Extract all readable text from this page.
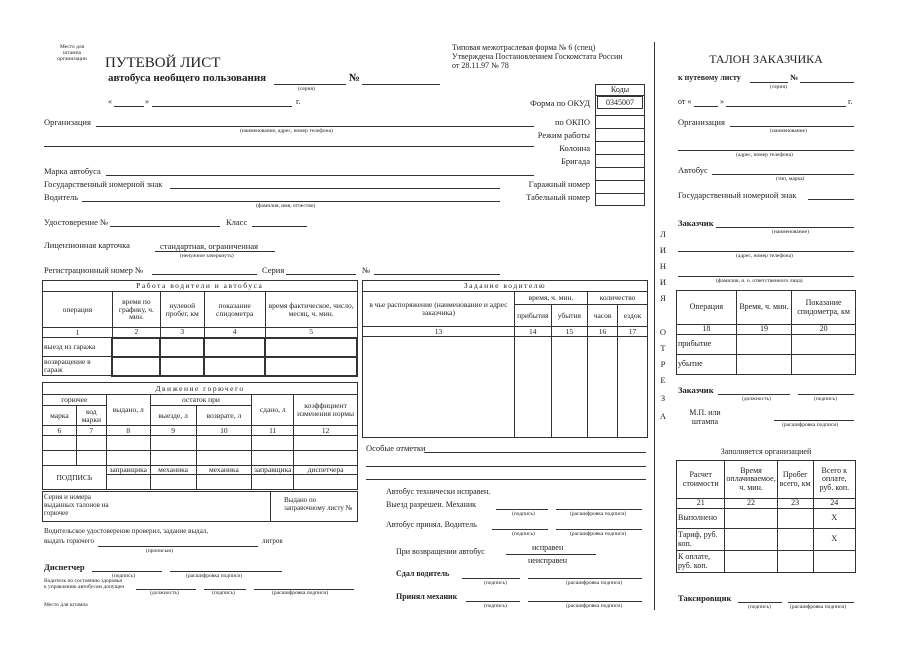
Место для штампа организации	ПУТЕВОЙ ЛИСТ
автобуса необщего пользования	№
(серия)
«	»	г.
Типовая межотраслевая форма № 6 (спец)
Утверждена Постановлением Госкомстата России
от 28.11.97 № 78
Коды
0345007
Форма по ОКУД
по ОКПО
Режим работы
Колонна
Бригада
Гаражный номер
Табельный номер
Организация
(наименование, адрес, номер телефона)
Марка автобуса
Государственный номерной знак
Водитель
(фамилия, имя, отчество)
Удостоверение №	Класс
Лицензионная карточка	стандартная, ограниченная
(ненужное зачеркнуть)
Регистрационный номер №	Серия	№
Работа водители и автобуса				
операция	время по графику, ч. мин.	нулевой пробег, км	показание спидометра	время фактическое, число, месяц, ч. мин.
1	2	3	4	5
выезд из гаража				
возвращение в гараж				
Задание водителю				
в чье распоряжение (наименование и адрес заказчика)	время, ч. мин.		количество	
	прибытия	убытия	часов	ездок
13	14	15	16	17

Движение горючего						
горючее		выдано, л	остаток при		сдано, л	коэффициент изменения нормы
марка	код марки		выезде, л	возврате, л		
6	7	8	9	10	11	12

ПОДПИСЬ		заправщика	механика	механика	заправщика	диспетчера

Серия и номера выданных талонов на горючее
Выдано по заправочному листу №
Водительское удостоверение проверил, задание выдал,
выдать горючего	литров
(прописью)
Диспетчер
(подпись)	(расшифровка подписи)
Водитель по состоянию здоровья
к управлению автобусом допущен
(должность)	(подпись)	(расшифровка подписи)
Место для штампа
Особые отметки
Автобус технически исправен.
Выезд разрешен. Механик
(подпись)	(расшифровка подписи)
Автобус принял. Водитель
(подпись)	(расшифровка подписи)
При возвращении автобус	исправен
неисправен
Сдал водитель
(подпись)	(расшифровка подписи)
Принял механик
(подпись)	(расшифровка подписи)
Л
И
Н
И
Я
О
Т
Р
Е
З
А
ТАЛОН ЗАКАЗЧИКА
к путевому листу	№
(серия)
от «	»	г.
Организация
(наименование)
(адрес, номер телефона)
Автобус
(тип, марка)
Государственный номерной знак
Заказчик
(наименование)
(адрес, номер телефона)
(фамилия, и. о. ответственного лица)
Операция	Время, ч. мин.	Показание спидометра, км
18	19	20
прибытие		
убытие		
Заказчик
(должность)	(подпись)
М.П. или штампа	(расшифровка подписи)
Заполняется организацией
Расчет стоимости	Время оплачиваемое, ч. мин.	Пробег всего, км	Всего к оплате, руб. коп.
21	22	23	24
Выполнено			Х
Тариф, руб. коп.			Х
К оплате, руб. коп.			
Таксировщик
(подпись)	(расшифровка подписи)
